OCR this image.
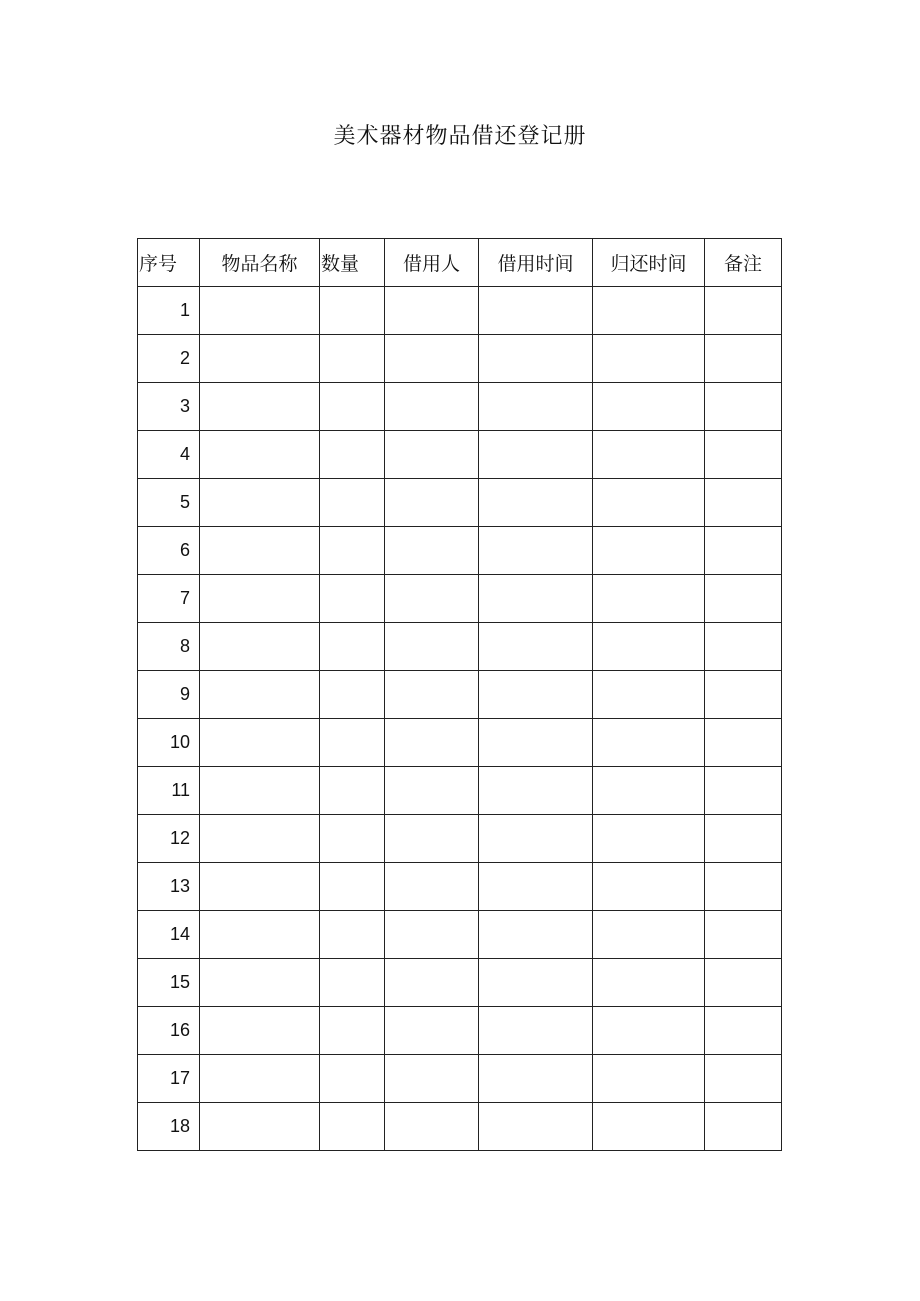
美术器材物品借还登记册
序号	物品名称	数量	借用人	借用时间	归还时间	备注
1						
2						
3						
4						
5						
6						
7						
8						
9						
10						
11						
12						
13						
14						
15						
16						
17						
18						
